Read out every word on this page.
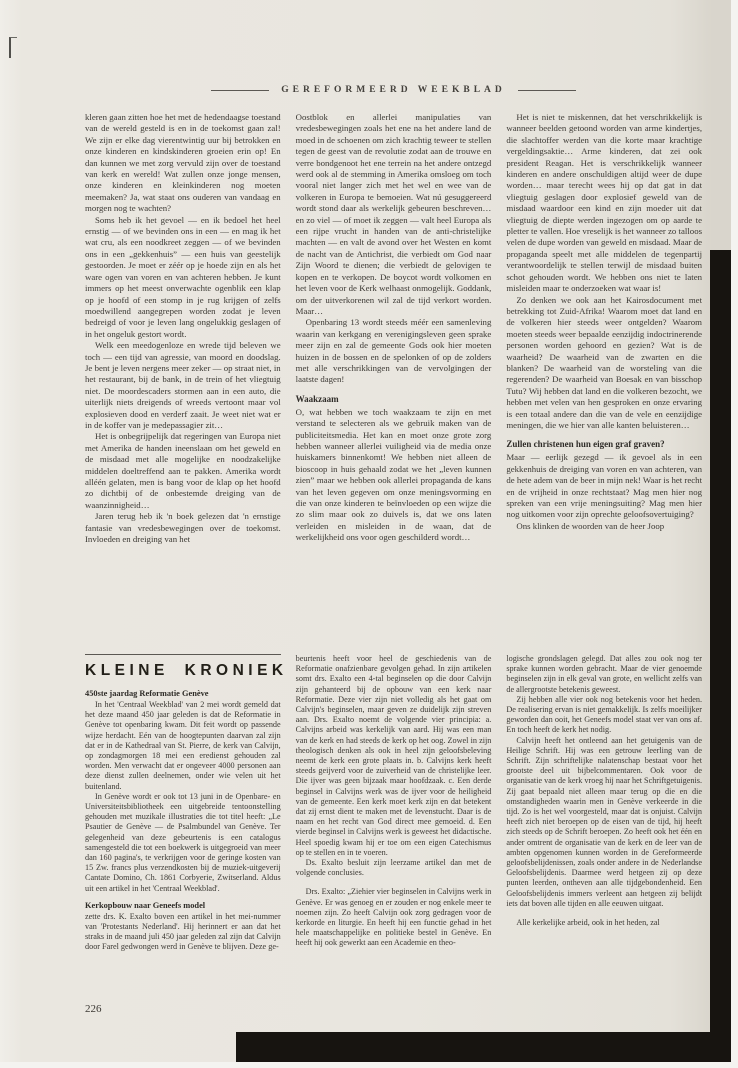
GEREFORMEERD WEEKBLAD

kleren gaan zitten hoe het met de hedendaagse toestand van de wereld gesteld is en in de toekomst gaan zal! We zijn er elke dag vierentwintig uur bij betrokken en onze kinderen en kindskinderen groeien erin op! En dan kunnen we met zorg vervuld zijn over de toestand van kerk en wereld! Wat zullen onze jonge mensen, onze kinderen en kleinkinderen nog moeten meemaken? Ja, wat staat ons ouderen van vandaag en morgen nog te wachten?

Soms heb ik het gevoel — en ik bedoel het heel ernstig — of we bevinden ons in een — en mag ik het wat cru, als een noodkreet zeggen — of we bevinden ons in een „gekkenhuis” — een huis van geestelijk gestoorden. Je moet er zéér op je hoede zijn en als het ware ogen van voren en van achteren hebben. Je kunt immers op het meest onverwachte ogenblik een klap op je hoofd of een stomp in je rug krijgen of zelfs moedwillend aangegrepen worden zodat je leven bedreigd of voor je leven lang ongelukkig geslagen of in het ongeluk gestort wordt.

Welk een meedogenloze en wrede tijd beleven we toch — een tijd van agressie, van moord en doodslag. Je bent je leven nergens meer zeker — op straat niet, in het restaurant, bij de bank, in de trein of het vliegtuig niet. De moordescaders stormen aan in een auto, die uiterlijk niets dreigends of wreeds vertoont maar vol explosieven dood en verderf zaait. Je weet niet wat er in de koffer van je medepassagier zit…

Het is onbegrijpelijk dat regeringen van Europa niet met Amerika de handen ineenslaan om het geweld en de misdaad met alle mogelijke en noodzakelijke middelen doeltreffend aan te pakken. Amerika wordt alléén gelaten, men is bang voor de klap op het hoofd zo dichtbij of de onbestemde dreiging van de waanzinnigheid…

Jaren terug heb ik 'n boek gelezen dat 'n ernstige fantasie van vredesbewegingen over de toekomst. Invloeden en dreiging van het

Oostblok en allerlei manipulaties van vredesbewegingen zoals het ene na het andere land de moed in de schoenen om zich krachtig teweer te stellen tegen de geest van de revolutie zodat aan de trouwe en verre bondgenoot het ene terrein na het andere ontzegd werd ook al de stemming in Amerika omsloeg om toch vooral niet langer zich met het wel en wee van de volkeren in Europa te bemoeien. Wat nú gesuggereerd wordt stond daar als werkelijk gebeuren beschreven… en zo viel — of moet ik zeggen — valt heel Europa als een rijpe vrucht in handen van de anti-christelijke machten — en valt de avond over het Westen en komt de nacht van de Antichrist, die verbiedt om God naar Zijn Woord te dienen; die verbiedt de gelovigen te kopen en te verkopen. De boycot wordt volkomen en het leven voor de Kerk welhaast onmogelijk. Goddank, om der uitverkorenen wil zal de tijd verkort worden. Maar…

Openbaring 13 wordt steeds méér een samenleving waarin van kerkgang en verenigingsleven geen sprake meer zijn en zal de gemeente Gods ook hier moeten huizen in de bossen en de spelonken of op de zolders met alle verschrikkingen van de vervolgingen der laatste dagen!

Waakzaam

O, wat hebben we toch waakzaam te zijn en met verstand te selecteren als we gebruik maken van de publiciteitsmedia. Het kan en moet onze grote zorg hebben wanneer allerlei vuiligheid via de media onze huiskamers binnenkomt! We hebben niet alleen de bioscoop in huis gehaald zodat we het „leven kunnen zien” maar we hebben ook allerlei propaganda de kans van het leven gegeven om onze meningsvorming en die van onze kinderen te beïnvloeden op een wijze die zo slim maar ook zo duivels is, dat we ons laten verleiden en misleiden in de waan, dat de werkelijkheid ons voor ogen geschilderd wordt…

Het is niet te miskennen, dat het verschrikkelijk is wanneer beelden getoond worden van arme kindertjes, die slachtoffer werden van die korte maar krachtige vergeldingsaktie… Arme kinderen, dat zei ook president Reagan. Het is verschrikkelijk wanneer kinderen en andere onschuldigen altijd weer de dupe worden… maar terecht wees hij op dat gat in dat vliegtuig geslagen door explosief geweld van de misdaad waardoor een kind en zijn moeder uit dat vliegtuig de diepte werden ingezogen om op aarde te pletter te vallen. Hoe vreselijk is het wanneer zo talloos velen de dupe worden van geweld en misdaad. Maar de propaganda speelt met alle middelen de tegenpartij verantwoordelijk te stellen terwijl de misdaad buiten schot gehouden wordt. We hebben ons niet te laten misleiden maar te onderzoeken wat waar is!

Zo denken we ook aan het Kairosdocument met betrekking tot Zuid-Afrika! Waarom moet dat land en de volkeren hier steeds weer ontgelden? Waarom moeten steeds weer bepaalde eenzijdig indoctrinerende personen worden gehoord en gezien? Wat is de waarheid? De waarheid van de zwarten en die blanken? De waarheid van de worsteling van die regerenden? De waarheid van Boesak en van bisschop Tutu? Wij hebben dat land en die volkeren bezocht, we hebben met velen van hen gesproken en onze ervaring is een totaal andere dan die van de vele en eenzijdige meningen, die we hier van alle kanten beluisteren…

Zullen christenen hun eigen graf graven?

Maar — eerlijk gezegd — ik gevoel als in een gekkenhuis de dreiging van voren en van achteren, van de hete adem van de beer in mijn nek! Waar is het recht en de vrijheid in onze rechtstaat? Mag men hier nog spreken van een vrije meningsuiting? Mag men hier nog uitkomen voor zijn oprechte geloofsovertuiging?

Ons klinken de woorden van de heer Joop

KLEINE KRONIEK
450ste jaardag Reformatie Genève

In het 'Centraal Weekblad' van 2 mei wordt gemeld dat het deze maand 450 jaar geleden is dat de Reformatie in Genève tot openbaring kwam. Dit feit wordt op passende wijze herdacht. Eén van de hoogtepunten daarvan zal zijn dat er in de Kathedraal van St. Pierre, de kerk van Calvijn, op zondagmorgen 18 mei een eredienst gehouden zal worden. Men verwacht dat er ongeveer 4000 personen aan deze dienst zullen deelnemen, onder wie velen uit het buitenland.

In Genève wordt er ook tot 13 juni in de Openbare- en Universiteitsbibliotheek een uitgebreide tentoonstelling gehouden met muzikale illustraties die tot titel heeft: „Le Psautier de Genève — de Psalmbundel van Genève. Ter gelegenheid van deze gebeurtenis is een catalogus samengesteld die tot een boekwerk is uitgegroeid van meer dan 160 pagina's, te verkrijgen voor de geringe kosten van 15 Zw. francs plus verzendkosten bij de muziek-uitgeverij Cantate Domino, Ch. 1861 Corbyerie, Zwitserland. Aldus uit een artikel in het 'Centraal Weekblad'.

Kerkopbouw naar Geneefs model

zette drs. K. Exalto boven een artikel in het mei-nummer van 'Protestants Nederland'. Hij herinnert er aan dat het straks in de maand juli 450 jaar geleden zal zijn dat Calvijn door Farel gedwongen werd in Genève te blijven. Deze ge-

beurtenis heeft voor heel de geschiedenis van de Reformatie onafzienbare gevolgen gehad. In zijn artikelen somt drs. Exalto een 4-tal beginselen op die door Calvijn zijn gehanteerd bij de opbouw van een kerk naar Reformatie. Deze vier zijn niet volledig als het gaat om Calvijn's beginselen, maar geven ze duidelijk zijn streven aan. Drs. Exalto noemt de volgende vier principia: a. Calvijns arbeid was kerkelijk van aard. Hij was een man van de kerk en had steeds de kerk op het oog. Zowel in zijn theologisch denken als ook in heel zijn geloofsbeleving neemt de kerk een grote plaats in. b. Calvijns kerk heeft steeds geijverd voor de zuiverheid van de christelijke leer. Die ijver was geen bijzaak maar hoofdzaak. c. Een derde beginsel in Calvijns werk was de ijver voor de heiligheid van de gemeente. Een kerk moet kerk zijn en dat betekent dat zij ernst dient te maken met de levenstucht. Daar is de naam en het recht van God direct mee gemoeid. d. Een vierde beginsel in Calvijns werk is geweest het didactische. Heel spoedig kwam hij er toe om een eigen Catechismus op te stellen en in te voeren.

Ds. Exalto besluit zijn leerzame artikel dan met de volgende conclusies.

Drs. Exalto: „Ziehier vier beginselen in Calvijns werk in Genève. Er was genoeg en er zouden er nog enkele meer te noemen zijn. Zo heeft Calvijn ook zorg gedragen voor de kerkorde en liturgie. En heeft hij een functie gehad in het hele maatschappelijke en politieke bestel in Genève. En heeft hij ook gewerkt aan een Academie en theo-

logische grondslagen gelegd. Dat alles zou ook nog ter sprake kunnen worden gebracht. Maar de vier genoemde beginselen zijn in elk geval van grote, en wellicht zelfs van de allergrootste betekenis geweest.

Zij hebben alle vier ook nog betekenis voor het heden. De realisering ervan is niet gemakkelijk. Is zelfs moeilijker geworden dan ooit, het Geneefs model staat ver van ons af. En toch heeft de kerk het nodig.

Calvijn heeft het ontleend aan het getuigenis van de Heilige Schrift. Hij was een getrouw leerling van de Schrift. Zijn schriftelijke nalatenschap bestaat voor het grootste deel uit bijbelcommentaren. Ook voor de organisatie van de kerk vroeg hij naar het Schriftgetuigenis. Zij gaat bepaald niet alleen maar terug op die en die omstandigheden waarin men in Genève verkeerde in die tijd. Zo is het wel voorgesteld, maar dat is onjuist. Calvijn heeft zich niet beroepen op de eisen van de tijd, hij heeft zich steeds op de Schrift beroepen. Zo heeft ook het één en ander omtrent de organisatie van de kerk en de leer van de ambten opgenomen kunnen worden in de Gereformeerde geloofsbelijdenissen, zoals onder andere in de Nederlandse Geloofsbelijdenis. Daarmee werd hetgeen zij op deze punten leerden, ontheven aan alle tijdgebondenheid. Een Geloofsbelijdenis immers verleent aan hetgeen zij belijdt iets dat boven alle tijden en alle eeuwen uitgaat.

Alle kerkelijke arbeid, ook in het heden, zal

226
